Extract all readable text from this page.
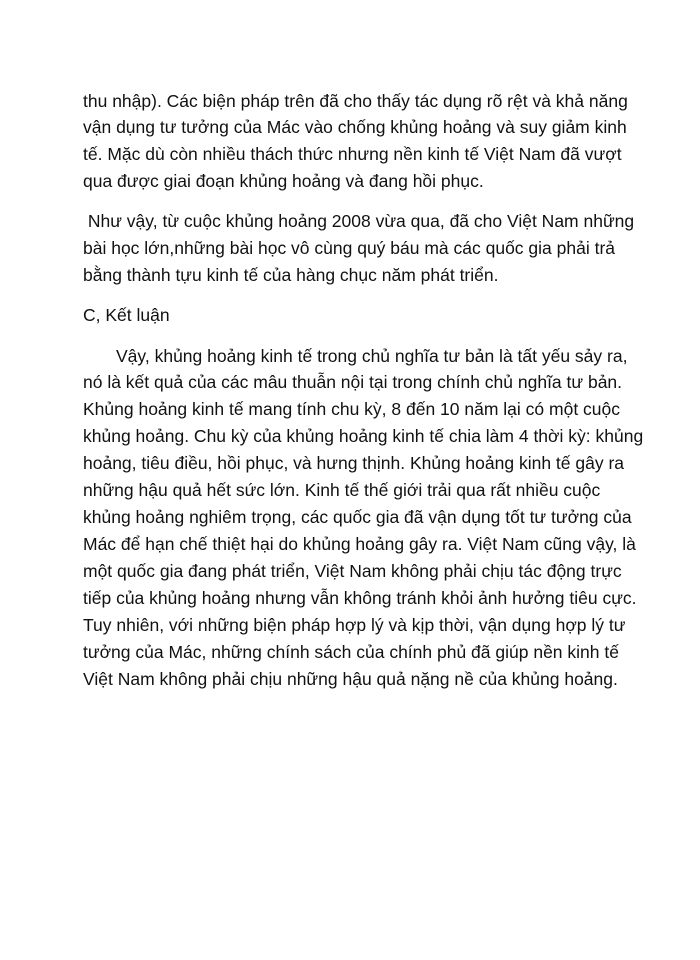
thu nhập). Các biện pháp trên đã cho thấy tác dụng rõ rệt và khả năng
vận dụng tư tưởng của Mác vào chống khủng hoảng và suy giảm kinh
tế. Mặc dù còn nhiều thách thức nhưng nền kinh tế Việt Nam đã vượt
qua được giai đoạn khủng hoảng và đang hồi phục.
Như vậy, từ cuộc khủng hoảng 2008 vừa qua, đã cho Việt Nam những
bài học lớn,những bài học vô cùng quý báu mà các quốc gia phải trả
bằng thành tựu kinh tế của hàng chục năm phát triển.
C, Kết luận
Vậy, khủng hoảng kinh tế trong chủ nghĩa tư bản là tất yếu sảy ra,
nó là kết quả của các mâu thuẫn nội tại trong chính chủ nghĩa tư bản.
Khủng hoảng kinh tế mang tính chu kỳ, 8 đến 10 năm lại có một cuộc
khủng hoảng. Chu kỳ của khủng hoảng kinh tế chia làm 4 thời kỳ: khủng
hoảng, tiêu điều, hồi phục, và hưng thịnh. Khủng hoảng kinh tế gây ra
những hậu quả hết sức lớn. Kinh tế thế giới trải qua rất nhiều cuộc
khủng hoảng nghiêm trọng, các quốc gia đã vận dụng tốt tư tưởng của
Mác để hạn chế thiệt hại do khủng hoảng gây ra. Việt Nam cũng vậy, là
một quốc gia đang phát triển, Việt Nam không phải chịu tác động trực
tiếp của khủng hoảng nhưng vẫn không tránh khỏi ảnh hưởng tiêu cực.
Tuy nhiên, với những biện pháp hợp lý và kịp thời, vận dụng hợp lý tư
tưởng của Mác, những chính sách của chính phủ đã giúp nền kinh tế
Việt Nam không phải chịu những hậu quả nặng nề của khủng hoảng.
